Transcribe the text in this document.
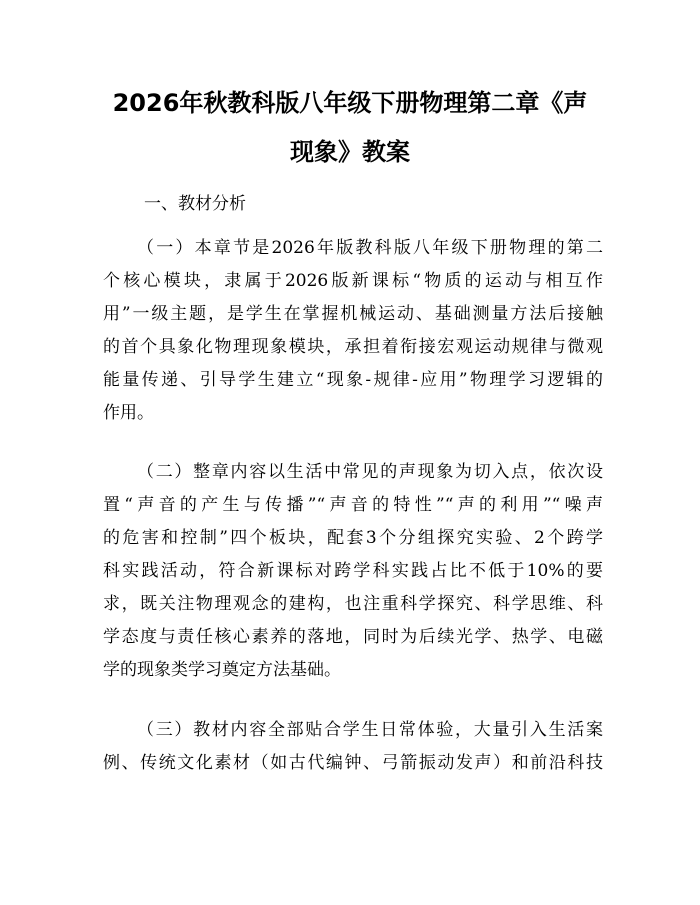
2026年秋教科版八年级下册物理第二章《声
现象》教案
一、教材分析
（一）本章节是2026年版教科版八年级下册物理的第二
个核心模块，隶属于2026版新课标“物质的运动与相互作
用”一级主题，是学生在掌握机械运动、基础测量方法后接触
的首个具象化物理现象模块，承担着衔接宏观运动规律与微观
能量传递、引导学生建立“现象-规律-应用”物理学习逻辑的
作用。
（二）整章内容以生活中常见的声现象为切入点，依次设
置“声音的产生与传播”“声音的特性”“声的利用”“噪声
的危害和控制”四个板块，配套3个分组探究实验、2个跨学
科实践活动，符合新课标对跨学科实践占比不低于10%的要
求，既关注物理观念的建构，也注重科学探究、科学思维、科
学态度与责任核心素养的落地，同时为后续光学、热学、电磁
学的现象类学习奠定方法基础。
（三）教材内容全部贴合学生日常体验，大量引入生活案
例、传统文化素材（如古代编钟、弓箭振动发声）和前沿科技
